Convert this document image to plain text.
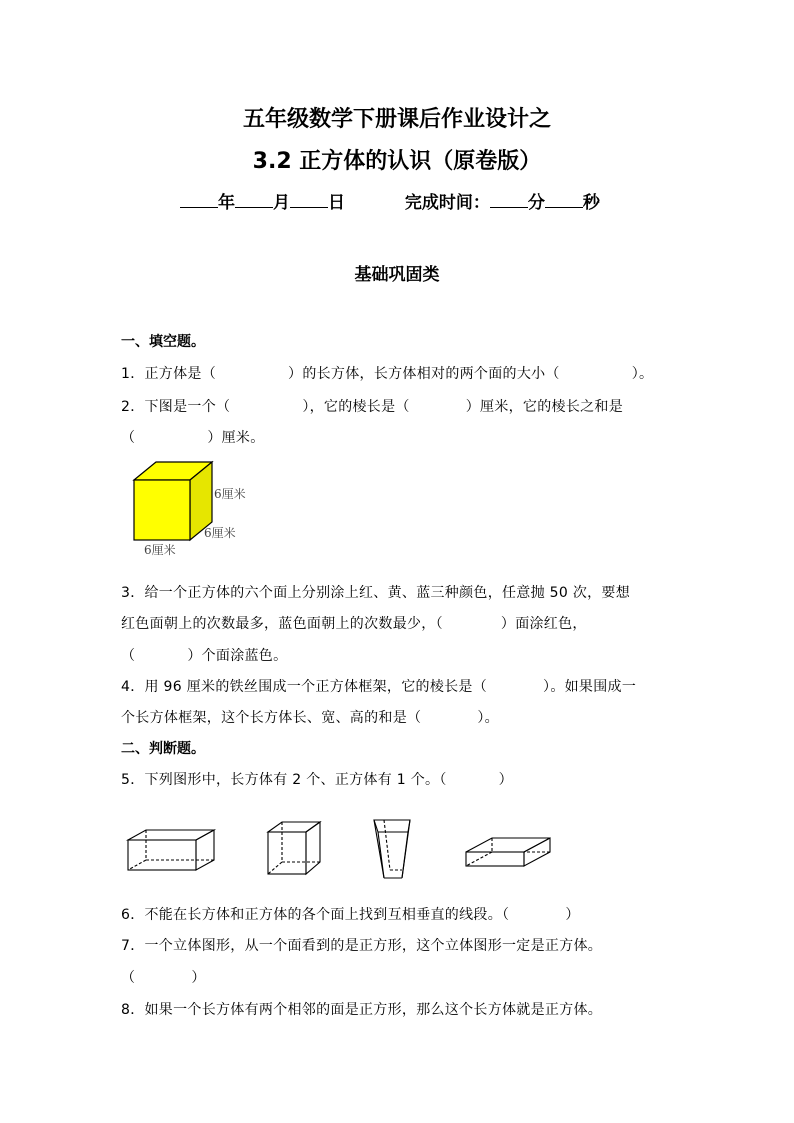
五年级数学下册课后作业设计之
3.2 正方体的认识（原卷版）
年 月 日	完成时间： 分 秒
基础巩固类
一、填空题。
1．正方体是（	）的长方体，长方体相对的两个面的大小（	）。
2．下图是一个（	），它的棱长是（	）厘米，它的棱长之和是
（	）厘米。
6厘米
6厘米
6厘米
3．给一个正方体的六个面上分别涂上红、黄、蓝三种颜色，任意抛 50 次，要想
红色面朝上的次数最多，蓝色面朝上的次数最少，（	）面涂红色，
（	）个面涂蓝色。
4．用 96 厘米的铁丝围成一个正方体框架，它的棱长是（	）。如果围成一
个长方体框架，这个长方体长、宽、高的和是（	）。
二、判断题。
5．下列图形中，长方体有 2 个、正方体有 1 个。（	）
6．不能在长方体和正方体的各个面上找到互相垂直的线段。（	）
7．一个立体图形，从一个面看到的是正方形，这个立体图形一定是正方体。
（	）
8．如果一个长方体有两个相邻的面是正方形，那么这个长方体就是正方体。
